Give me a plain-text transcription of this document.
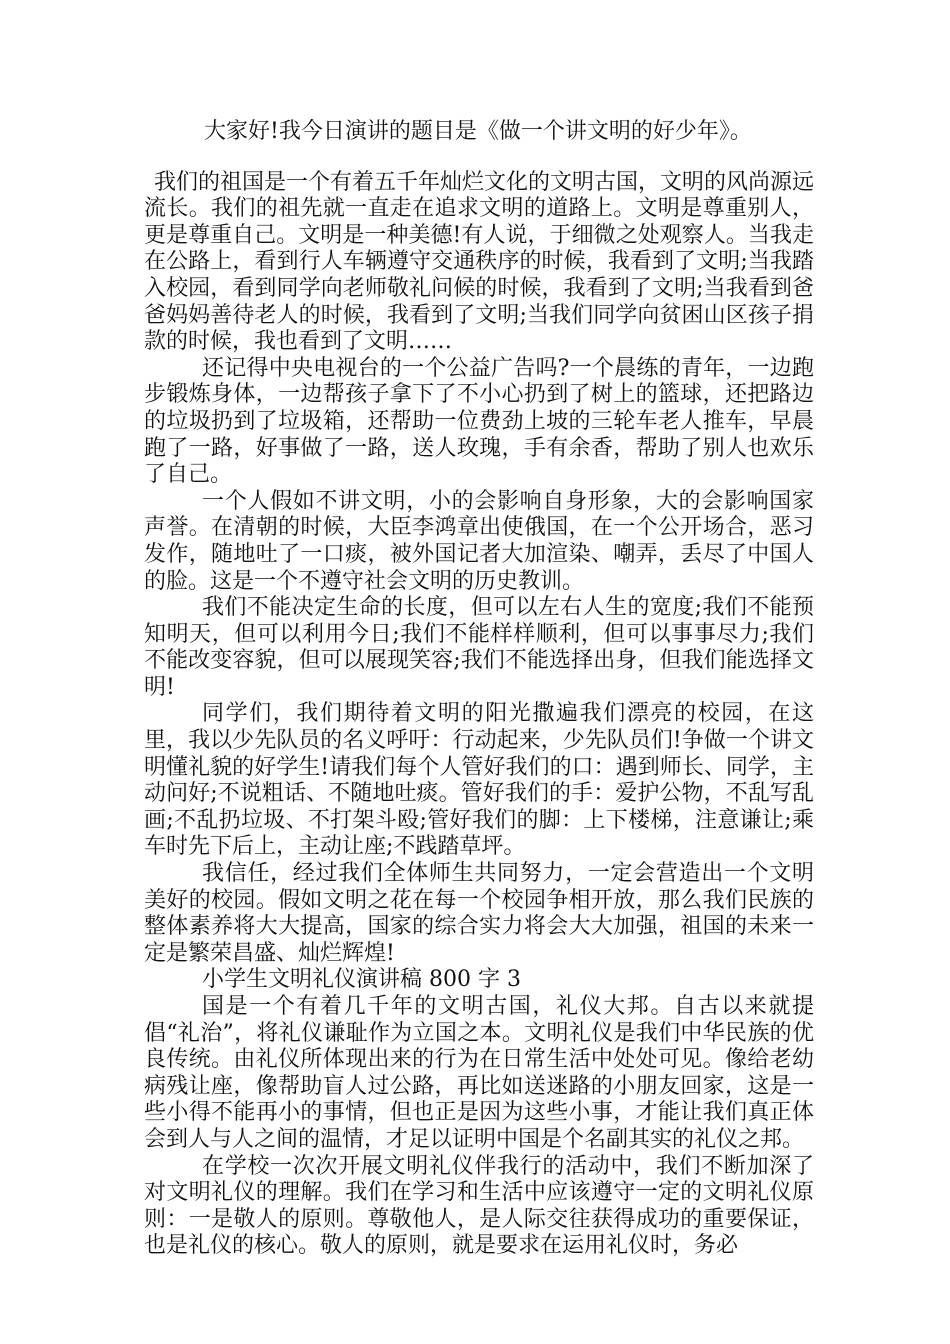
大家好!我今日演讲的题目是《做一个讲文明的好少年》。

我们的祖国是一个有着五千年灿烂文化的文明古国，文明的风尚源远流长。我们的祖先就一直走在追求文明的道路上。文明是尊重别人，更是尊重自己。文明是一种美德!有人说，于细微之处观察人。当我走在公路上，看到行人车辆遵守交通秩序的时候，我看到了文明;当我踏入校园，看到同学向老师敬礼问候的时候，我看到了文明;当我看到爸爸妈妈善待老人的时候，我看到了文明;当我们同学向贫困山区孩子捐款的时候，我也看到了文明……

还记得中央电视台的一个公益广告吗?一个晨练的青年，一边跑步锻炼身体，一边帮孩子拿下了不小心扔到了树上的篮球，还把路边的垃圾扔到了垃圾箱，还帮助一位费劲上坡的三轮车老人推车，早晨跑了一路，好事做了一路，送人玫瑰，手有余香，帮助了别人也欢乐了自己。

一个人假如不讲文明，小的会影响自身形象，大的会影响国家声誉。在清朝的时候，大臣李鸿章出使俄国，在一个公开场合，恶习发作，随地吐了一口痰，被外国记者大加渲染、嘲弄，丢尽了中国人的脸。这是一个不遵守社会文明的历史教训。

我们不能决定生命的长度，但可以左右人生的宽度;我们不能预知明天，但可以利用今日;我们不能样样顺利，但可以事事尽力;我们不能改变容貌，但可以展现笑容;我们不能选择出身，但我们能选择文明!

同学们，我们期待着文明的阳光撒遍我们漂亮的校园，在这里，我以少先队员的名义呼吁：行动起来，少先队员们!争做一个讲文明懂礼貌的好学生!请我们每个人管好我们的口：遇到师长、同学，主动问好;不说粗话、不随地吐痰。管好我们的手：爱护公物，不乱写乱画;不乱扔垃圾、不打架斗殴;管好我们的脚：上下楼梯，注意谦让;乘车时先下后上，主动让座;不践踏草坪。

我信任，经过我们全体师生共同努力，一定会营造出一个文明美好的校园。假如文明之花在每一个校园争相开放，那么我们民族的整体素养将大大提高，国家的综合实力将会大大加强，祖国的未来一定是繁荣昌盛、灿烂辉煌!

小学生文明礼仪演讲稿 800 字 3

国是一个有着几千年的文明古国，礼仪大邦。自古以来就提倡“礼治”，将礼仪谦耻作为立国之本。文明礼仪是我们中华民族的优良传统。由礼仪所体现出来的行为在日常生活中处处可见。像给老幼病残让座，像帮助盲人过公路，再比如送迷路的小朋友回家，这是一些小得不能再小的事情，但也正是因为这些小事，才能让我们真正体会到人与人之间的温情，才足以证明中国是个名副其实的礼仪之邦。

在学校一次次开展文明礼仪伴我行的活动中，我们不断加深了对文明礼仪的理解。我们在学习和生活中应该遵守一定的文明礼仪原则：一是敬人的原则。尊敬他人，是人际交往获得成功的重要保证，也是礼仪的核心。敬人的原则，就是要求在运用礼仪时，务必
